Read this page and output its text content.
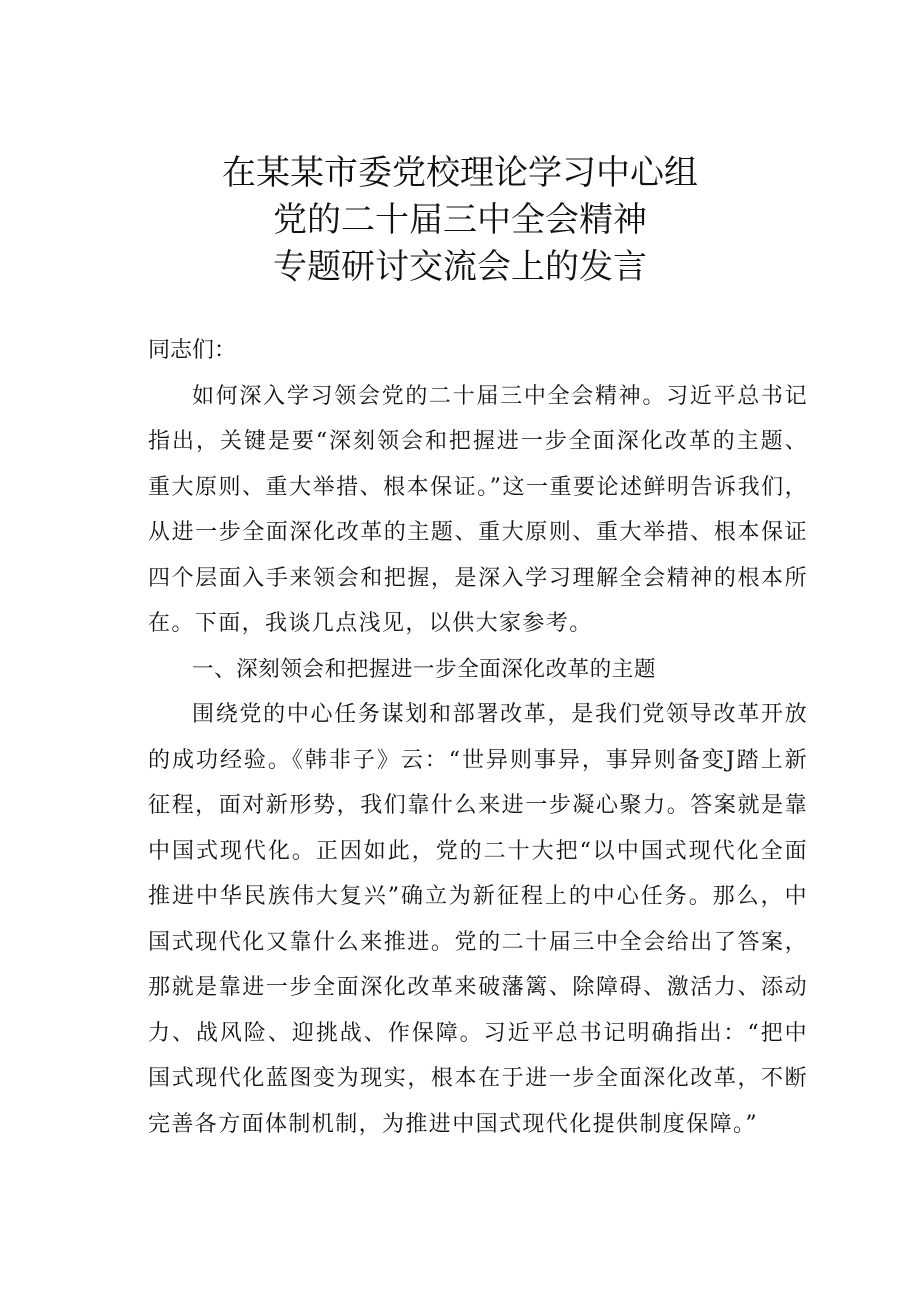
在某某市委党校理论学习中心组
党的二十届三中全会精神
专题研讨交流会上的发言

同志们：

如何深入学习领会党的二十届三中全会精神。习近平总书记指出，关键是要“深刻领会和把握进一步全面深化改革的主题、重大原则、重大举措、根本保证。”这一重要论述鲜明告诉我们，从进一步全面深化改革的主题、重大原则、重大举措、根本保证四个层面入手来领会和把握，是深入学习理解全会精神的根本所在。下面，我谈几点浅见，以供大家参考。

一、深刻领会和把握进一步全面深化改革的主题

围绕党的中心任务谋划和部署改革，是我们党领导改革开放的成功经验。《韩非子》云：“世异则事异，事异则备变J踏上新征程，面对新形势，我们靠什么来进一步凝心聚力。答案就是靠中国式现代化。正因如此，党的二十大把“以中国式现代化全面推进中华民族伟大复兴”确立为新征程上的中心任务。那么，中国式现代化又靠什么来推进。党的二十届三中全会给出了答案，那就是靠进一步全面深化改革来破藩篱、除障碍、激活力、添动力、战风险、迎挑战、作保障。习近平总书记明确指出：“把中国式现代化蓝图变为现实，根本在于进一步全面深化改革，不断完善各方面体制机制，为推进中国式现代化提供制度保障。”
